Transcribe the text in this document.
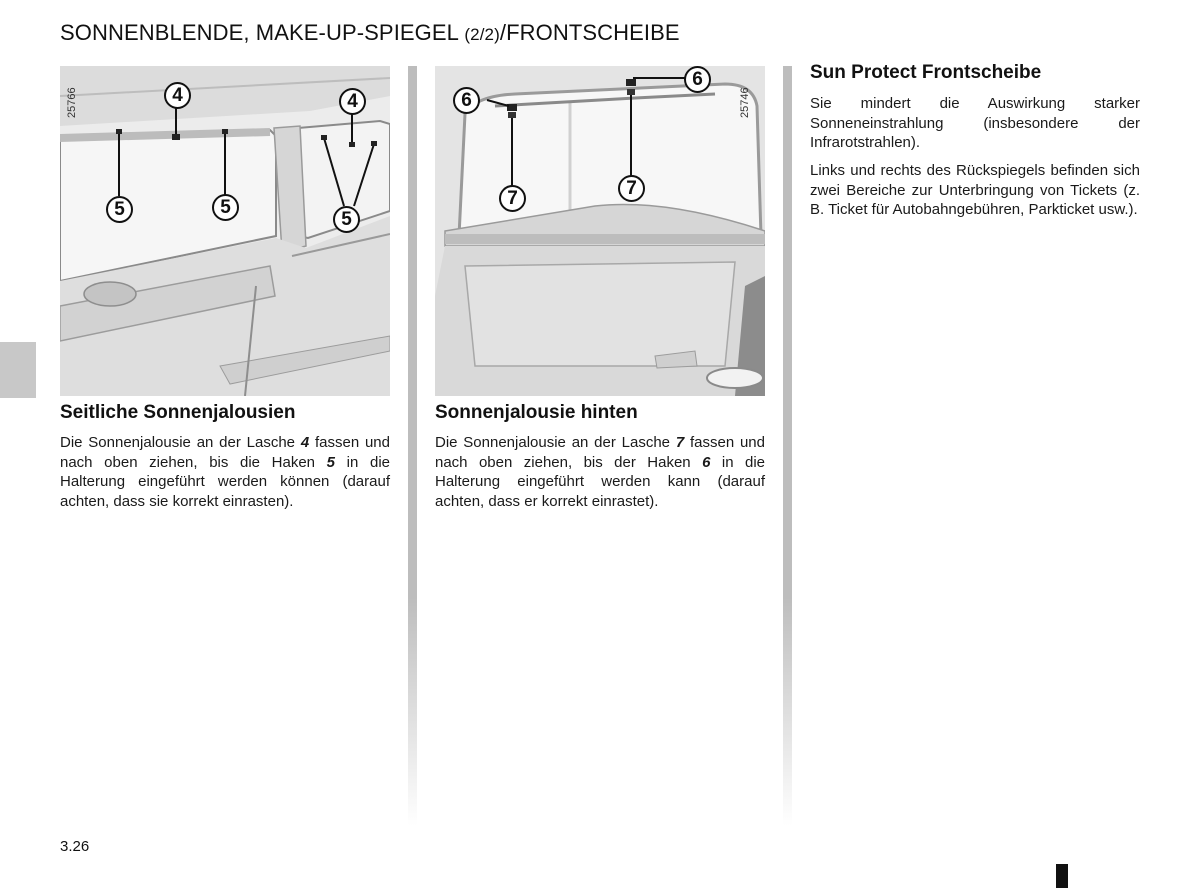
SONNENBLENDE, MAKE-UP-SPIEGEL (2/2)/FRONTSCHEIBE
25766	4	4
5	5
5
25746
6
6
7	7
Seitliche Sonnenjalousien

Die Sonnenjalousie an der Lasche 4 fassen und nach oben ziehen, bis die Haken 5 in die Halterung eingeführt werden können (darauf achten, dass sie korrekt einrasten).

Sonnenjalousie hinten

Die Sonnenjalousie an der Lasche 7 fassen und nach oben ziehen, bis der Haken 6 in die Halterung eingeführt werden kann (darauf achten, dass er korrekt einrastet).

Sun Protect Frontscheibe

Sie mindert die Auswirkung starker Sonneneinstrahlung (insbesondere der Infrarotstrahlen).

Links und rechts des Rückspiegels befinden sich zwei Bereiche zur Unterbringung von Tickets (z. B. Ticket für Autobahngebühren, Parkticket usw.).

3.26
